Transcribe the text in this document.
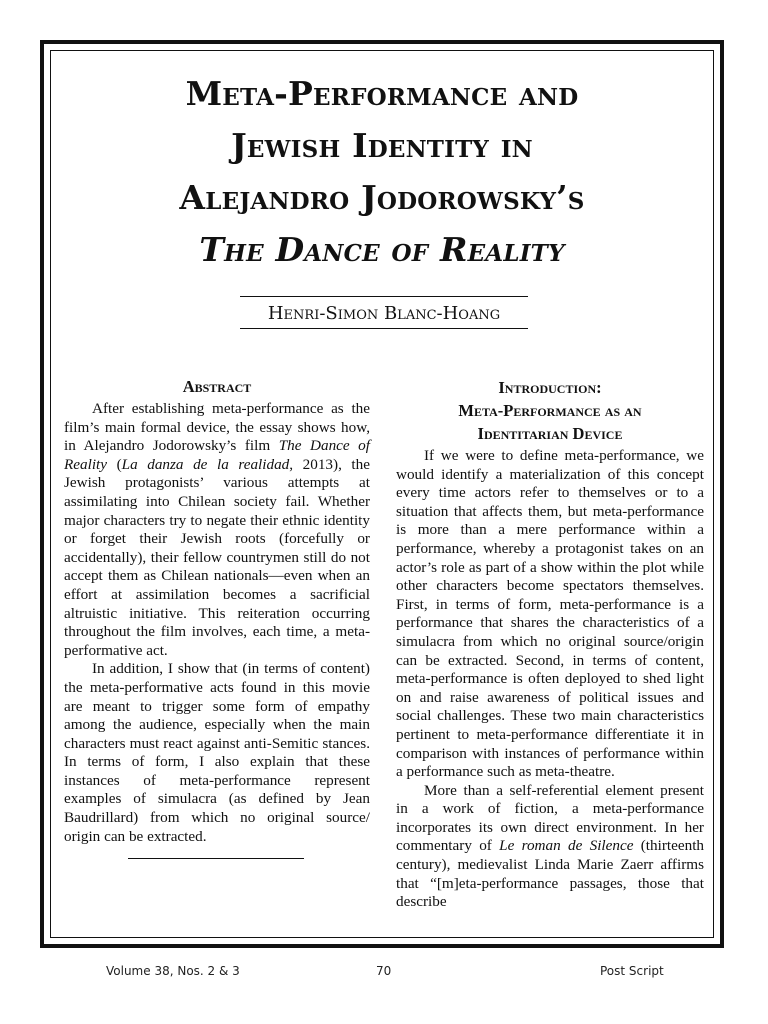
Meta-Performance and
Jewish Identity in
Alejandro Jodorowsky’s
The Dance of Reality
Henri-Simon Blanc-Hoang
Abstract

After establishing meta-performance as the film’s main formal device, the essay shows how, in Alejandro Jodorowsky’s film The Dance of Reality (La danza de la realidad, 2013), the Jewish protagonists’ various attempts at assimilating into Chilean society fail. Whether major characters try to negate their ethnic identity or forget their Jewish roots (forcefully or accidentally), their fellow countrymen still do not accept them as Chilean nationals—even when an effort at assimilation becomes a sacrificial altruistic initiative. This reiteration occurring throughout the film involves, each time, a meta-performative act.

In addition, I show that (in terms of content) the meta-performative acts found in this movie are meant to trigger some form of empathy among the audience, especially when the main characters must react against anti-Semitic stances. In terms of form, I also explain that these instances of meta-performance represent examples of simulacra (as defined by Jean Baudrillard) from which no original source/ origin can be extracted.

Introduction:
Meta-Performance as an
Identitarian Device

If we were to define meta-performance, we would identify a materialization of this concept every time actors refer to themselves or to a situation that affects them, but meta-performance is more than a mere performance within a performance, whereby a protagonist takes on an actor’s role as part of a show within the plot while other characters become spectators themselves. First, in terms of form, meta-performance is a performance that shares the characteristics of a simulacra from which no original source/origin can be extracted. Second, in terms of content, meta-performance is often deployed to shed light on and raise awareness of political issues and social challenges. These two main characteristics pertinent to meta-performance differentiate it in comparison with instances of performance within a performance such as meta-theatre.

More than a self-referential element present in a work of fiction, a meta-performance incorporates its own direct environment. In her commentary of Le roman de Silence (thirteenth century), medievalist Linda Marie Zaerr affirms that “[m]eta-performance passages, those that describe

Volume 38, Nos. 2 & 3	70	Post Script
